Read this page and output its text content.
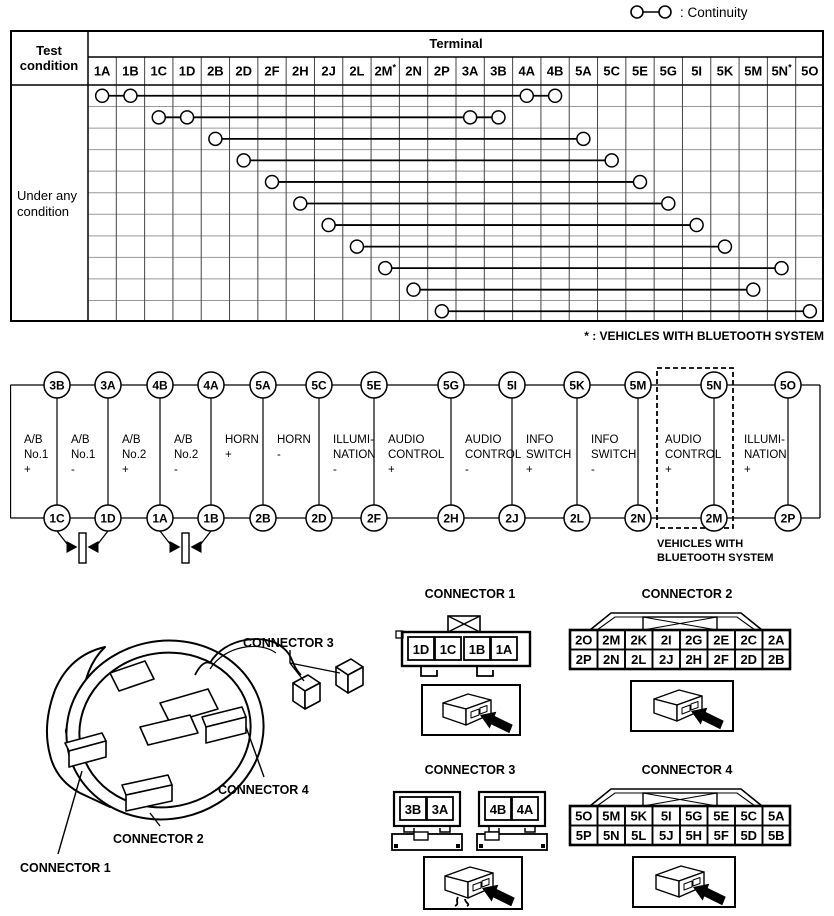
: Continuity
1A 1B 1C 1D 2B 2D 2F 2H 2J 2L 2M* 2N 2P 3A 3B 4A 4B 5A 5C 5E 5G 5I 5K 5M 5N* 5O
Test condition
Terminal
Under any condition
* : VEHICLES WITH BLUETOOTH SYSTEM
A/B
No.1
+
A/B
No.1
-
A/B
No.2
+
A/B
No.2
-
HORN
+
HORN
-
ILLUMI-
NATION
-
AUDIO
CONTROL
+
AUDIO
CONTROL
-
INFO
SWITCH
+
INFO
SWITCH
-
AUDIO
CONTROL
+
ILLUMI-
NATION
+
3B
1C
3A
1D
4B
1A
4A
1B
5A
2B
5C
2D
5E
2F
5G
2H
5I
2J
5K
2L
5M
2N
5N
2M
5O
2P
VEHICLES WITH
BLUETOOTH SYSTEM
CONNECTOR 3
CONNECTOR 4
CONNECTOR 2
CONNECTOR 1
CONNECTOR 1
1D 1C 1B 1A
CONNECTOR 2
2O 2M 2K 2I 2G 2E 2C 2A
2P 2N 2L 2J 2H 2F 2D 2B
CONNECTOR 3
3B 3A	4B 4A
CONNECTOR 4
5O 5M 5K 5I 5G 5E 5C 5A
5P 5N 5L 5J 5H 5F 5D 5B
